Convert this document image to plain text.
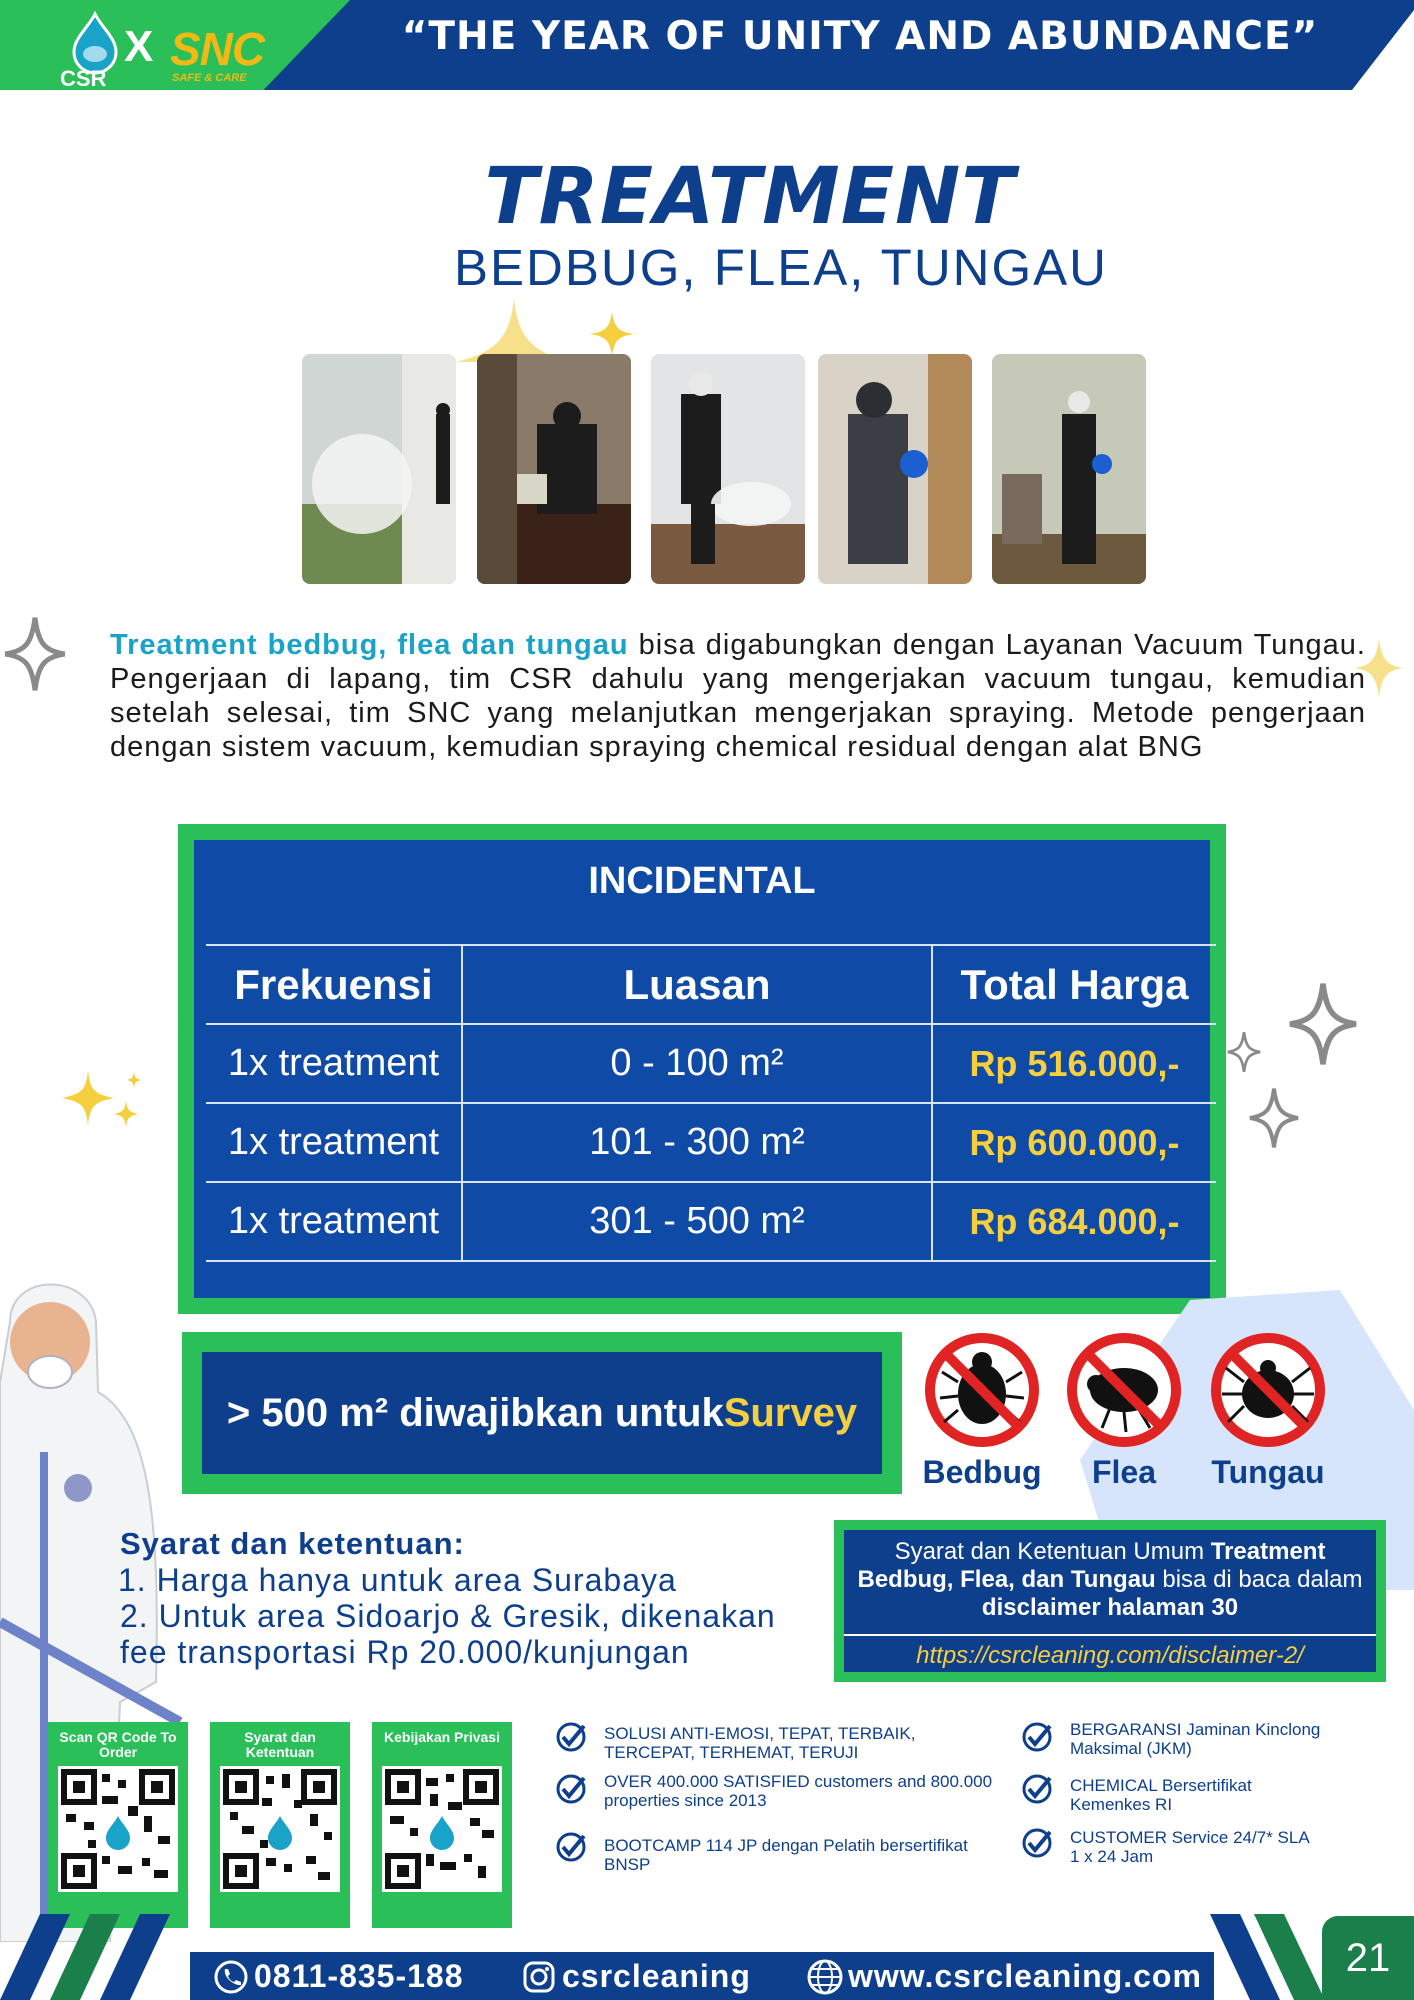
CSR
X SNC
SAFE & CARE
“THE YEAR OF UNITY AND ABUNDANCE”
TREATMENT
BEDBUG, FLEA, TUNGAU
Treatment bedbug, flea dan tungau bisa digabungkan dengan Layanan Vacuum Tungau. Pengerjaan di lapang, tim CSR dahulu yang mengerjakan vacuum tungau, kemudian setelah selesai, tim SNC yang melanjutkan mengerjakan spraying. Metode pengerjaan dengan sistem vacuum, kemudian spraying chemical residual dengan alat BNG
INCIDENTAL
Frekuensi	Luasan	Total Harga
1x treatment	0 - 100 m²	Rp 516.000,-
1x treatment	101 - 300 m²	Rp 600.000,-
1x treatment	301 - 500 m²	Rp 684.000,-
> 500 m² diwajibkan untuk Survey
Bedbug	Flea	Tungau
Syarat dan ketentuan:
1. Harga hanya untuk area Surabaya
2. Untuk area Sidoarjo & Gresik, dikenakan
fee transportasi Rp 20.000/kunjungan
Syarat dan Ketentuan Umum Treatment Bedbug, Flea, dan Tungau bisa di baca dalam disclaimer halaman 30
https://csrcleaning.com/disclaimer-2/
Scan QR Code To Order
Syarat dan Ketentuan
Kebijakan Privasi	SOLUSI ANTI-EMOSI, TEPAT, TERBAIK, TERCEPAT, TERHEMAT, TERUJI
OVER 400.000 SATISFIED customers and 800.000 properties since 2013
BOOTCAMP 114 JP dengan Pelatih bersertifikat BNSP
BERGARANSI Jaminan Kinclong Maksimal (JKM)
CHEMICAL Bersertifikat Kemenkes RI
CUSTOMER Service 24/7* SLA 1 x 24 Jam
0811-835-188	csrcleaning	www.csrcleaning.com	21
